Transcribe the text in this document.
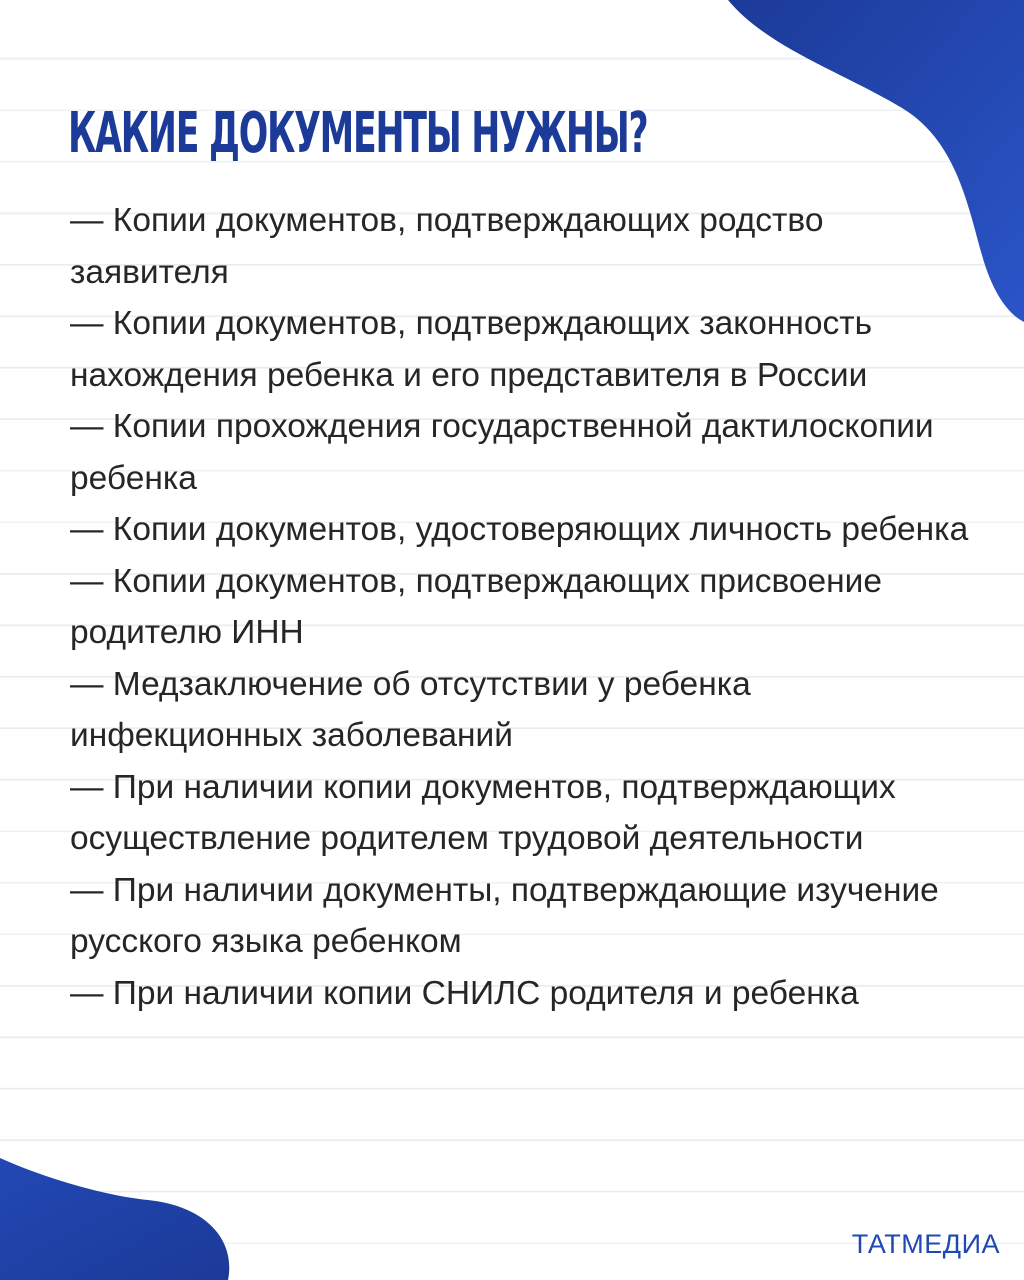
КАКИЕ ДОКУМЕНТЫ НУЖНЫ?

— Копии документов, подтверждающих родство заявителя

— Копии документов, подтверждающих законность нахождения ребенка и его представителя в России

— Копии прохождения государственной дактилоскопии ребенка

— Копии документов, удостоверяющих личность ребенка

— Копии документов, подтверждающих присвоение родителю ИНН

— Медзаключение об отсутствии у ребенка инфекционных заболеваний

— При наличии копии документов, подтверждающих осуществление родителем трудовой деятельности

— При наличии документы, подтверждающие изучение русского языка ребенком

— При наличии копии СНИЛС родителя и ребенка

ТАТМЕДИА
